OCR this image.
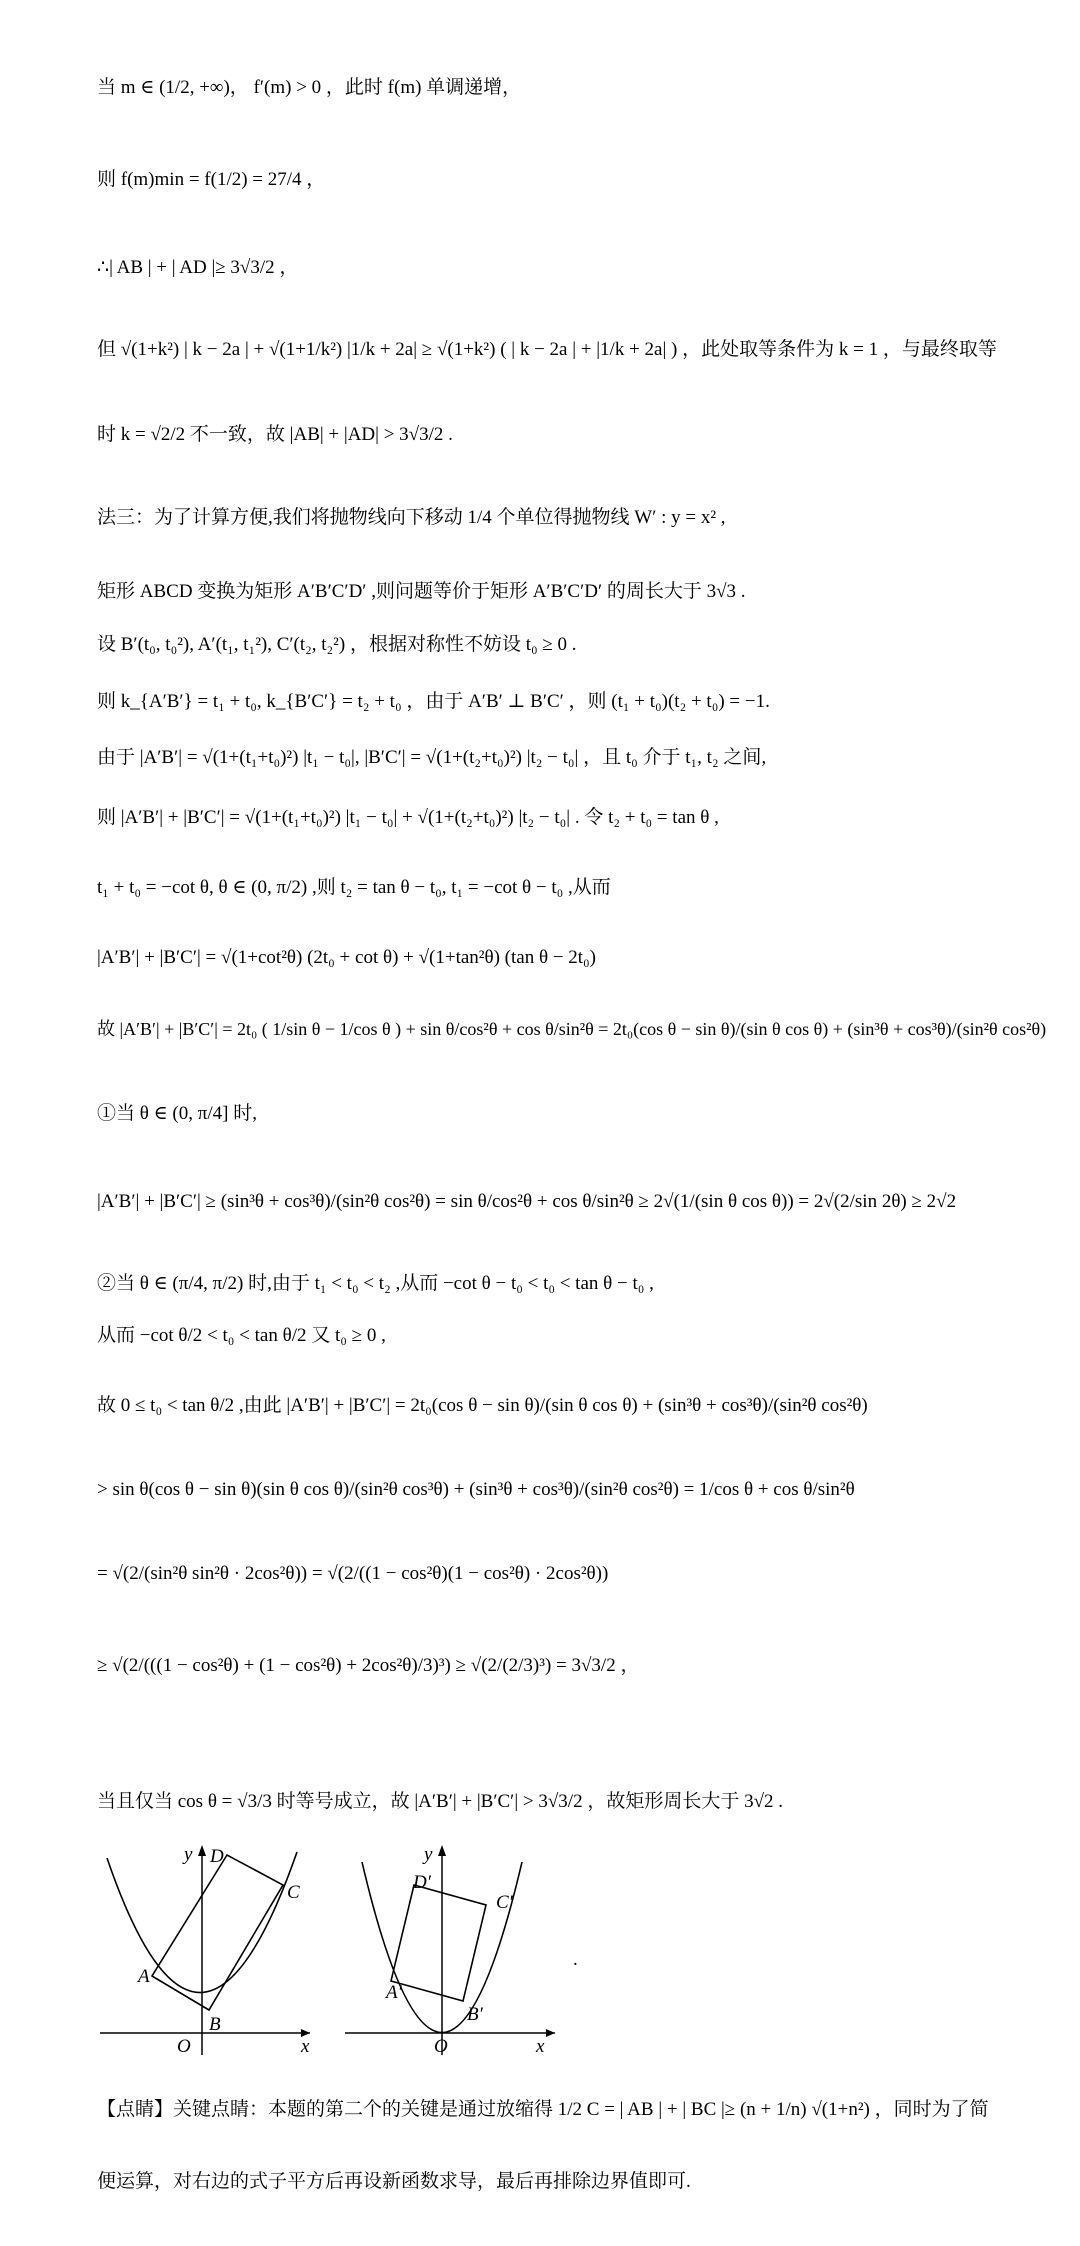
当 m ∈ (1/2, +∞)， f′(m) > 0 ，此时 f(m) 单调递增，
则 f(m)min = f(1/2) = 27/4 ，
∴| AB | + | AD |≥ 3√3/2 ，
但 √(1+k²) | k − 2a | + √(1+1/k²) |1/k + 2a| ≥ √(1+k²) ( | k − 2a | + |1/k + 2a| ) ，此处取等条件为 k = 1 ，与最终取等
时 k = √2/2 不一致，故 |AB| + |AD| > 3√3/2 .
法三：为了计算方便,我们将抛物线向下移动 1/4 个单位得抛物线 W′ : y = x² ,
矩形 ABCD 变换为矩形 A′B′C′D′ ,则问题等价于矩形 A′B′C′D′ 的周长大于 3√3 .
设 B′(t₀, t₀²), A′(t₁, t₁²), C′(t₂, t₂²) ，根据对称性不妨设 t₀ ≥ 0 .
则 k_{A′B′} = t₁ + t₀, k_{B′C′} = t₂ + t₀ ，由于 A′B′ ⊥ B′C′ ，则 (t₁ + t₀)(t₂ + t₀) = −1.
由于 |A′B′| = √(1+(t₁+t₀)²) |t₁ − t₀|, |B′C′| = √(1+(t₂+t₀)²) |t₂ − t₀| ，且 t₀ 介于 t₁, t₂ 之间,
则 |A′B′| + |B′C′| = √(1+(t₁+t₀)²) |t₁ − t₀| + √(1+(t₂+t₀)²) |t₂ − t₀| . 令 t₂ + t₀ = tan θ ,
t₁ + t₀ = −cot θ, θ ∈ (0, π/2) ,则 t₂ = tan θ − t₀, t₁ = −cot θ − t₀ ,从而
|A′B′| + |B′C′| = √(1+cot²θ) (2t₀ + cot θ) + √(1+tan²θ) (tan θ − 2t₀)
故 |A′B′| + |B′C′| = 2t₀ ( 1/sin θ − 1/cos θ ) + sin θ/cos²θ + cos θ/sin²θ = 2t₀(cos θ − sin θ)/(sin θ cos θ) + (sin³θ + cos³θ)/(sin²θ cos²θ)
①当 θ ∈ (0, π/4] 时,
|A′B′| + |B′C′| ≥ (sin³θ + cos³θ)/(sin²θ cos²θ) = sin θ/cos²θ + cos θ/sin²θ ≥ 2√(1/(sin θ cos θ)) = 2√(2/sin 2θ) ≥ 2√2
②当 θ ∈ (π/4, π/2) 时,由于 t₁ < t₀ < t₂ ,从而 −cot θ − t₀ < t₀ < tan θ − t₀ ,
从而 −cot θ/2 < t₀ < tan θ/2 又 t₀ ≥ 0 ,
故 0 ≤ t₀ < tan θ/2 ,由此 |A′B′| + |B′C′| = 2t₀(cos θ − sin θ)/(sin θ cos θ) + (sin³θ + cos³θ)/(sin²θ cos²θ)
> sin θ(cos θ − sin θ)(sin θ cos θ)/(sin²θ cos³θ) + (sin³θ + cos³θ)/(sin²θ cos²θ) = 1/cos θ + cos θ/sin²θ
= √(2/(sin²θ sin²θ · 2cos²θ)) = √(2/((1 − cos²θ)(1 − cos²θ) · 2cos²θ))
≥ √(2/(((1 − cos²θ) + (1 − cos²θ) + 2cos²θ)/3)³) ≥ √(2/(2/3)³) = 3√3/2 ，
当且仅当 cos θ = √3/3 时等号成立，故 |A′B′| + |B′C′| > 3√3/2 ，故矩形周长大于 3√2 .
O	x
y
A
B
C
D
O	x
y
A′
B′
C′
D′
.
【点睛】关键点睛：本题的第二个的关键是通过放缩得 1/2 C = | AB | + | BC |≥ (n + 1/n) √(1+n²) ，同时为了简
便运算，对右边的式子平方后再设新函数求导，最后再排除边界值即可.
